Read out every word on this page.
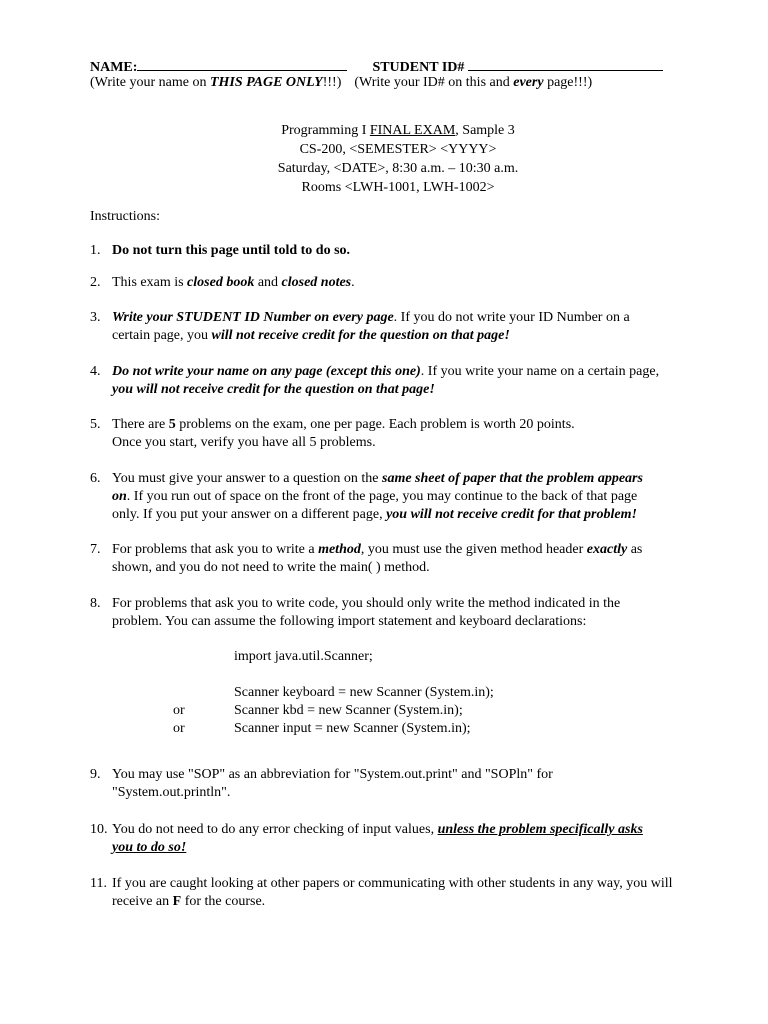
NAME:	STUDENT ID#
(Write your name on THIS PAGE ONLY!!!) (Write your ID# on this and every page!!!)
Programming I FINAL EXAM, Sample 3
CS-200, <SEMESTER> <YYYY>
Saturday, <DATE>, 8:30 a.m. – 10:30 a.m.
Rooms <LWH-1001, LWH-1002>
Instructions:
1. Do not turn this page until told to do so.
2. This exam is closed book and closed notes.
3. Write your STUDENT ID Number on every page. If you do not write your ID Number on a
certain page, you will not receive credit for the question on that page!
4. Do not write your name on any page (except this one). If you write your name on a certain page,
you will not receive credit for the question on that page!
5. There are 5 problems on the exam, one per page. Each problem is worth 20 points.
Once you start, verify you have all 5 problems.
6. You must give your answer to a question on the same sheet of paper that the problem appears
on. If you run out of space on the front of the page, you may continue to the back of that page
only. If you put your answer on a different page, you will not receive credit for that problem!
7. For problems that ask you to write a method, you must use the given method header exactly as
shown, and you do not need to write the main( ) method.
8. For problems that ask you to write code, you should only write the method indicated in the
problem. You can assume the following import statement and keyboard declarations:
import java.util.Scanner;
Scanner keyboard = new Scanner (System.in);
or	Scanner kbd = new Scanner (System.in);
or	Scanner input = new Scanner (System.in);
9. You may use "SOP" as an abbreviation for "System.out.print" and "SOPln" for
"System.out.println".
10. You do not need to do any error checking of input values, unless the problem specifically asks
you to do so!
11. If you are caught looking at other papers or communicating with other students in any way, you will
receive an F for the course.
